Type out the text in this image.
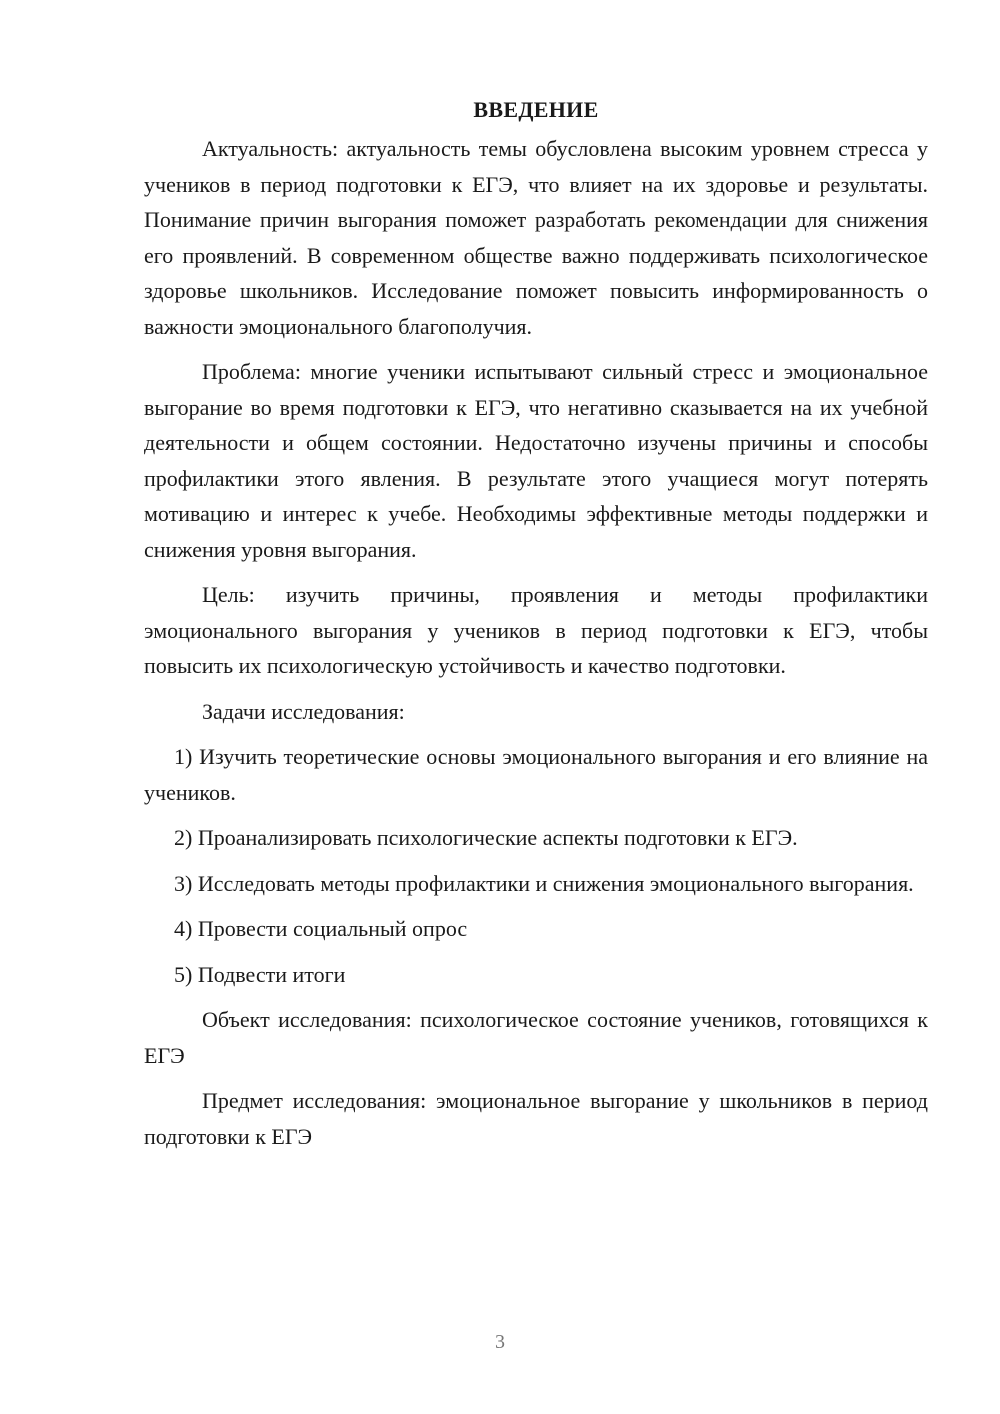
ВВЕДЕНИЕ

Актуальность: актуальность темы обусловлена высоким уровнем стресса у учеников в период подготовки к ЕГЭ, что влияет на их здоровье и результаты. Понимание причин выгорания поможет разработать рекомендации для снижения его проявлений. В современном обществе важно поддерживать психологическое здоровье школьников. Исследование поможет повысить информированность о важности эмоционального благополучия.

Проблема: многие ученики испытывают сильный стресс и эмоциональное выгорание во время подготовки к ЕГЭ, что негативно сказывается на их учебной деятельности и общем состоянии. Недостаточно изучены причины и способы профилактики этого явления. В результате этого учащиеся могут потерять мотивацию и интерес к учебе. Необходимы эффективные методы поддержки и снижения уровня выгорания.

Цель: изучить причины, проявления и методы профилактики эмоционального выгорания у учеников в период подготовки к ЕГЭ, чтобы повысить их психологическую устойчивость и качество подготовки.

Задачи исследования:

1) Изучить теоретические основы эмоционального выгорания и его влияние на учеников.

2) Проанализировать психологические аспекты подготовки к ЕГЭ.

3) Исследовать методы профилактики и снижения эмоционального выгорания.

4) Провести социальный опрос

5) Подвести итоги

Объект исследования: психологическое состояние учеников, готовящихся к ЕГЭ

Предмет исследования: эмоциональное выгорание у школьников в период подготовки к ЕГЭ

3
